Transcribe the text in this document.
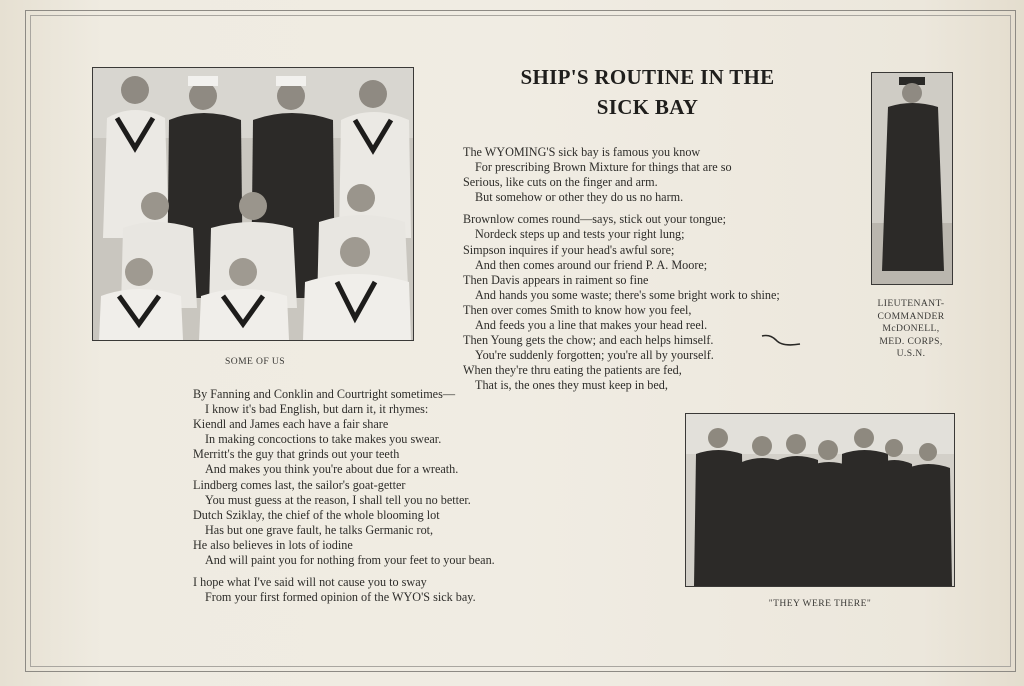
SOME OF US
SHIP'S ROUTINE IN THE
SICK BAY
The WYOMING'S sick bay is famous you know
For prescribing Brown Mixture for things that are so
Serious, like cuts on the finger and arm.
But somehow or other they do us no harm.
Brownlow comes round—says, stick out your tongue;
Nordeck steps up and tests your right lung;
Simpson inquires if your head's awful sore;
And then comes around our friend P. A. Moore;
Then Davis appears in raiment so fine
And hands you some waste; there's some bright work to shine;
Then over comes Smith to know how you feel,
And feeds you a line that makes your head reel.
Then Young gets the chow; and each helps himself.
You're suddenly forgotten; you're all by yourself.
When they're thru eating the patients are fed,
That is, the ones they must keep in bed,
LIEUTENANT-
COMMANDER
McDONELL,
MED. CORPS,
U.S.N.
By Fanning and Conklin and Courtright sometimes—
I know it's bad English, but darn it, it rhymes:
Kiendl and James each have a fair share
In making concoctions to take makes you swear.
Merritt's the guy that grinds out your teeth
And makes you think you're about due for a wreath.
Lindberg comes last, the sailor's goat-getter
You must guess at the reason, I shall tell you no better.
Dutch Sziklay, the chief of the whole blooming lot
Has but one grave fault, he talks Germanic rot,
He also believes in lots of iodine
And will paint you for nothing from your feet to your bean.
I hope what I've said will not cause you to sway
From your first formed opinion of the WYO'S sick bay.	"THEY WERE THERE"
